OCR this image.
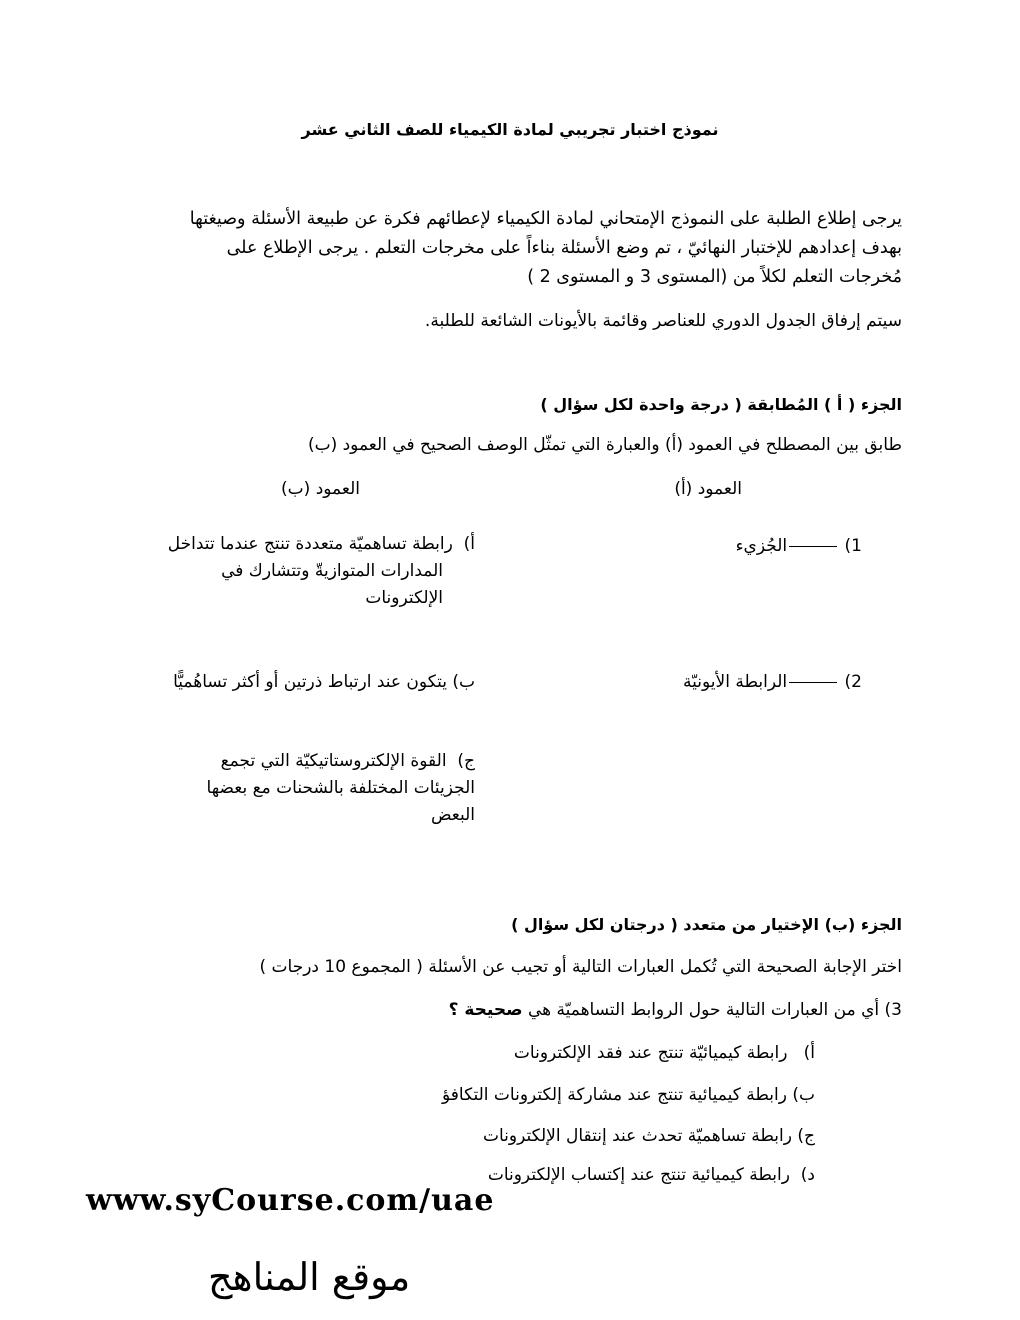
نموذج اختبار تجريبي لمادة الكيمياء للصف الثاني عشر
يرجى إطلاع الطلبة على النموذج الإمتحاني لمادة الكيمياء لإعطائهم فكرة عن طبيعة الأسئلة وصيغتها
بهدف إعدادهم للإختبار النهائيّ ، تم وضع الأسئلة بناءاً على مخرجات التعلم . يرجى الإطلاع على
مُخرجات التعلم لكلاً من (المستوى 3 و المستوى 2 )
سيتم إرفاق الجدول الدوري للعناصر وقائمة بالأيونات الشائعة للطلبة.
الجزء ( أ ) المُطابقة ( درجة واحدة لكل سؤال )
طابق بين المصطلح في العمود (أ) والعبارة التي تمثّل الوصف الصحيح في العمود (ب)
العمود (أ)
العمود (ب)
1) الجُزيء
2) الرابطة الأيونيّة
أ)  رابطة تساهميّة متعددة تنتج عندما تتداخل
المدارات المتوازيةّ وتتشارك في
الإلكترونات
ب) يتكون عند ارتباط ذرتين أو أكثر تساهُميًّا
ج)  القوة الإلكتروستاتيكيّة التي تجمع
الجزيئات المختلفة بالشحنات مع بعضها
البعض
الجزء (ب) الإختيار من متعدد ( درجتان لكل سؤال )
اختر الإجابة الصحيحة التي تُكمل العبارات التالية أو تجيب عن الأسئلة ( المجموع 10 درجات )
3) أي من العبارات التالية حول الروابط التساهميّة هي صحيحة ؟
أ)   رابطة كيميائيّة تنتج عند فقد الإلكترونات
ب) رابطة كيميائية تنتج عند مشاركة إلكترونات التكافؤ
ج) رابطة تساهميّة تحدث عند إنتقال الإلكترونات
د)  رابطة كيميائية تنتج عند إكتساب الإلكترونات
www.syCourse.com/uae
موقع المناهج
